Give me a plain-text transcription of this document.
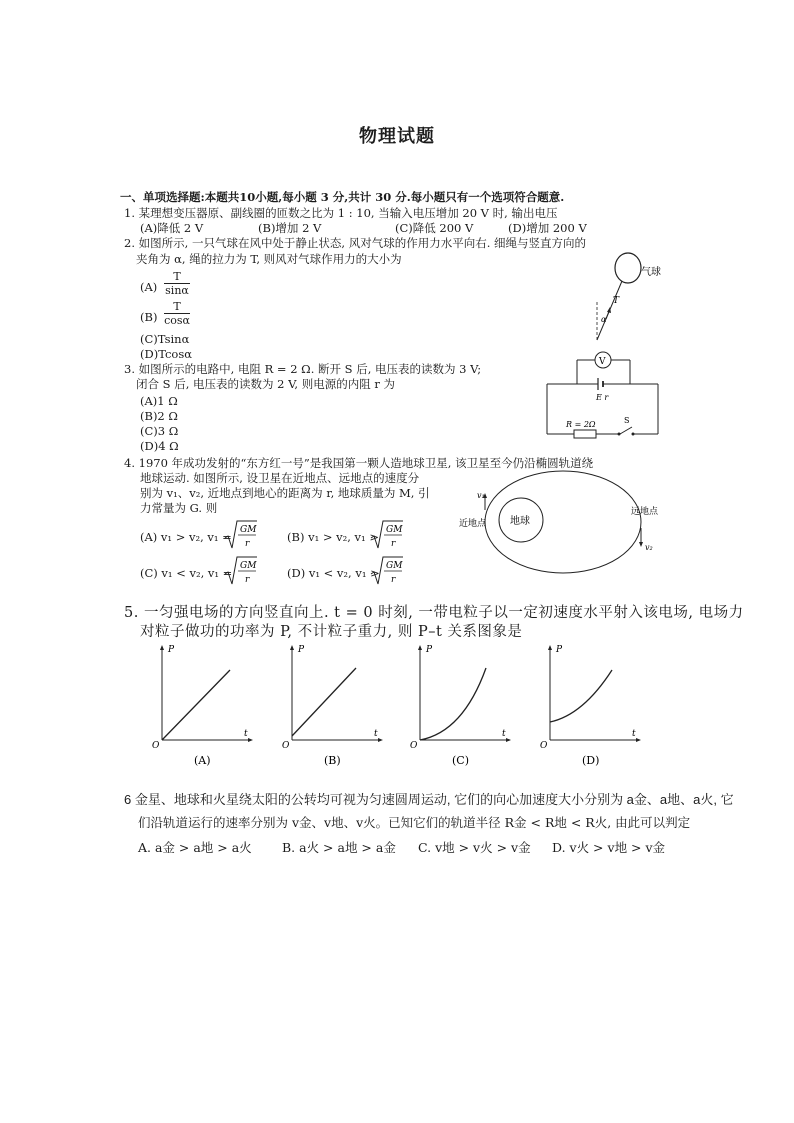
物理试题
一、单项选择题:本题共10小题,每小题 3 分,共计 30 分.每小题只有一个选项符合题意.
1. 某理想变压器原、副线圈的匝数之比为 1 : 10, 当输入电压增加 20 V 时, 输出电压
(A)降低 2 V	(B)增加 2 V	(C)降低 200 V	(D)增加 200 V
2. 如图所示, 一只气球在风中处于静止状态, 风对气球的作用力水平向右. 细绳与竖直方向的
夹角为 α, 绳的拉力为 T, 则风对气球作用力的大小为
(A)
T
sinα
(B)
T
cosα
(C)Tsinα
(D)Tcosα
气球
T
α
3. 如图所示的电路中, 电阻 R = 2 Ω. 断开 S 后, 电压表的读数为 3 V;
闭合 S 后, 电压表的读数为 2 V, 则电源的内阻 r 为
(A)1 Ω
(B)2 Ω
(C)3 Ω
(D)4 Ω
V
E r
R = 2Ω	S
4. 1970 年成功发射的“东方红一号”是我国第一颗人造地球卫星, 该卫星至今仍沿椭圆轨道绕
地球运动. 如图所示, 设卫星在近地点、远地点的速度分
别为 v₁、v₂, 近地点到地心的距离为 r, 地球质量为 M, 引
力常量为 G. 则
(A) v₁ > v₂, v₁ = GM
r	(B) v₁ > v₂, v₁ > GM
r
(C) v₁ < v₂, v₁ = GM
r	(D) v₁ < v₂, v₁ > GM
r
地球
近地点
远地点
v₁
v₂
5. 一匀强电场的方向竖直向上. t = 0 时刻, 一带电粒子以一定初速度水平射入该电场, 电场力
对粒子做功的功率为 P, 不计粒子重力, 则 P–t 关系图象是
P
t
O
(A)
P
t
O
(B)
P
t
O
(C)
P
t
O
(D)
6 金星、地球和火星绕太阳的公转均可视为匀速圆周运动, 它们的向心加速度大小分别为 a金、a地、a火, 它
们沿轨道运行的速率分别为 v金、v地、v火。已知它们的轨道半径 R金 < R地 < R火, 由此可以判定
A. a金 > a地 > a火 B. a火 > a地 > a金 C. v地 > v火 > v金 D. v火 > v地 > v金
